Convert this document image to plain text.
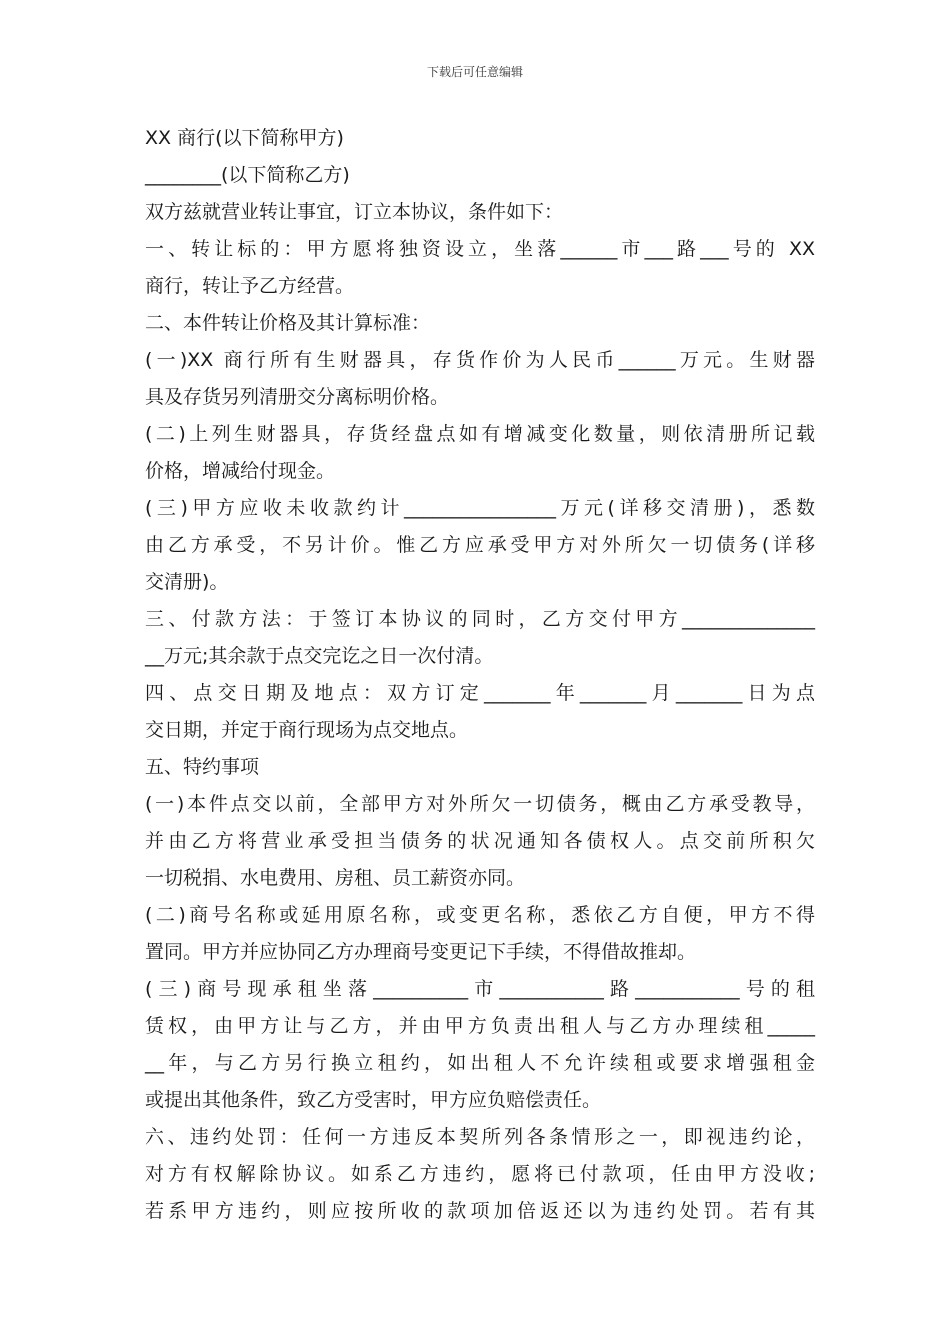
下载后可任意编辑
XX 商行(以下简称甲方)
________(以下简称乙方)
双方兹就营业转让事宜，订立本协议，条件如下：
一、转让标的：甲方愿将独资设立，坐落______市___路___号的 XX
商行，转让予乙方经营。
二、本件转让价格及其计算标准：
(一)XX 商行所有生财器具，存货作价为人民币______万元。生财器
具及存货另列清册交分离标明价格。
(二)上列生财器具，存货经盘点如有增减变化数量，则依清册所记载
价格，增减给付现金。
(三)甲方应收未收款约计________________万元(详移交清册)，悉数
由乙方承受，不另计价。惟乙方应承受甲方对外所欠一切债务(详移
交清册)。
三、付款方法：于签订本协议的同时，乙方交付甲方______________
__万元;其余款于点交完讫之日一次付清。
四、点交日期及地点：双方订定_______年_______月_______日为点
交日期，并定于商行现场为点交地点。
五、特约事项
(一)本件点交以前，全部甲方对外所欠一切债务，概由乙方承受教导，
并由乙方将营业承受担当债务的状况通知各债权人。点交前所积欠
一切税捐、水电费用、房租、员工薪资亦同。
(二)商号名称或延用原名称，或变更名称，悉依乙方自便，甲方不得
置同。甲方并应协同乙方办理商号变更记下手续，不得借故推却。
(三)商号现承租坐落__________市___________路___________号的租
赁权，由甲方让与乙方，并由甲方负责出租人与乙方办理续租_____
__年，与乙方另行换立租约，如出租人不允许续租或要求增强租金
或提出其他条件，致乙方受害时，甲方应负赔偿责任。
六、违约处罚：任何一方违反本契所列各条情形之一，即视违约论，
对方有权解除协议。如系乙方违约，愿将已付款项，任由甲方没收;
若系甲方违约，则应按所收的款项加倍返还以为违约处罚。若有其
